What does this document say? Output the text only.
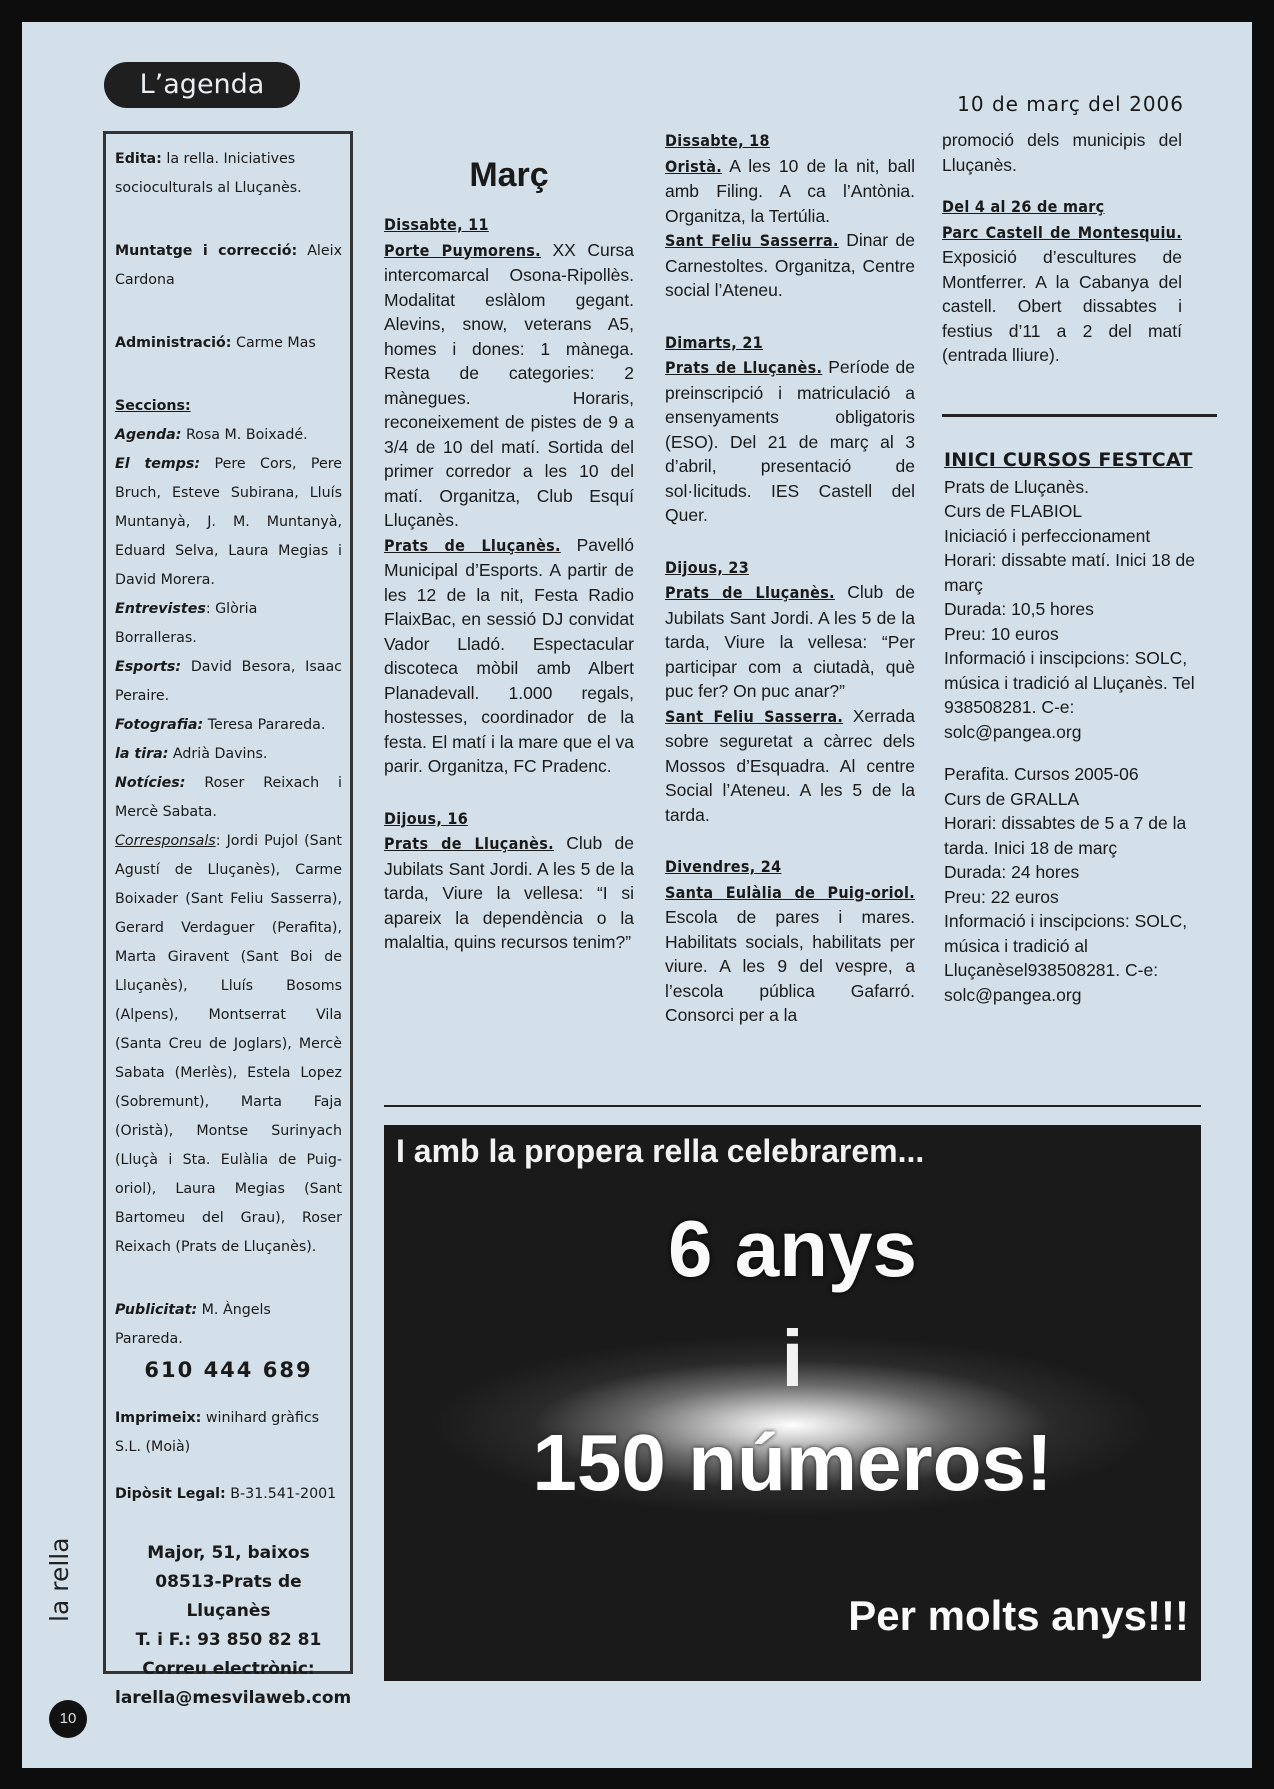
L’agenda
10 de març del 2006

Edita: la rella. Iniciatives socioculturals al Lluçanès.

Muntatge i correcció: Aleix Cardona

Administració: Carme Mas

Seccions:

Agenda: Rosa M. Boixadé.

El temps: Pere Cors, Pere Bruch, Esteve Subirana, Lluís Muntanyà, J. M. Muntanyà, Eduard Selva, Laura Megias i David Morera.

Entrevistes: Glòria Borralleras.

Esports: David Besora, Isaac Peraire.

Fotografia: Teresa Parareda.

la tira: Adrià Davins.

Notícies: Roser Reixach i Mercè Sabata.

Corresponsals: Jordi Pujol (Sant Agustí de Lluçanès), Carme Boixader (Sant Feliu Sasserra), Gerard Verdaguer (Perafita), Marta Giravent (Sant Boi de Lluçanès), Lluís Bosoms (Alpens), Montserrat Vila (Santa Creu de Joglars), Mercè Sabata (Merlès), Estela Lopez (Sobremunt), Marta Faja (Oristà), Montse Surinyach (Lluçà i Sta. Eulàlia de Puig-oriol), Laura Megias (Sant Bartomeu del Grau), Roser Reixach (Prats de Lluçanès).

Publicitat: M. Àngels Parareda.

610 444 689

Imprimeix: winihard gràfics S.L. (Moià)

Dipòsit Legal: B-31.541-2001

Major, 51, baixos
08513-Prats de Lluçanès
T. i F.: 93 850 82 81
Correu electrònic:
larella@mesvilaweb.com
la rella
10
Març

Dissabte, 11

Porte Puymorens. XX Cursa intercomarcal Osona-Ripollès. Modalitat eslàlom gegant. Alevins, snow, veterans A5, homes i dones: 1 mànega. Resta de categories: 2 mànegues. Horaris, reconeixement de pistes de 9 a 3/4 de 10 del matí. Sortida del primer corredor a les 10 del matí. Organitza, Club Esquí Lluçanès.

Prats de Lluçanès. Pavelló Municipal d’Esports. A partir de les 12 de la nit, Festa Radio FlaixBac, en sessió DJ convidat Vador Lladó. Espectacular discoteca mòbil amb Albert Planadevall. 1.000 regals, hostesses, coordinador de la festa. El matí i la mare que el va parir. Organitza, FC Pradenc.

Dijous, 16

Prats de Lluçanès. Club de Jubilats Sant Jordi. A les 5 de la tarda, Viure la vellesa: “I si apareix la dependència o la malaltia, quins recursos tenim?”

Dissabte, 18

Oristà. A les 10 de la nit, ball amb Filing. A ca l’Antònia. Organitza, la Tertúlia.

Sant Feliu Sasserra. Dinar de Carnestoltes. Organitza, Centre social l’Ateneu.

Dimarts, 21

Prats de Lluçanès. Període de preinscripció i matriculació a ensenyaments obligatoris (ESO). Del 21 de març al 3 d’abril, presentació de sol·licituds. IES Castell del Quer.

Dijous, 23

Prats de Lluçanès. Club de Jubilats Sant Jordi. A les 5 de la tarda, Viure la vellesa: “Per participar com a ciutadà, què puc fer? On puc anar?”

Sant Feliu Sasserra. Xerrada sobre seguretat a càrrec dels Mossos d’Esquadra. Al centre Social l’Ateneu. A les 5 de la tarda.

Divendres, 24

Santa Eulàlia de Puig-oriol. Escola de pares i mares. Habilitats socials, habilitats per viure. A les 9 del vespre, a l’escola pública Gafarró. Consorci per a la

promoció dels municipis del Lluçanès.

Del 4 al 26 de març

Parc Castell de Montesquiu. Exposició d’escultures de Montferrer. A la Cabanya del castell. Obert dissabtes i festius d’11 a 2 del matí (entrada lliure).

INICI CURSOS FESTCAT

Prats de Lluçanès.

Curs de FLABIOL

Iniciació i perfeccionament

Horari: dissabte matí. Inici 18 de març

Durada: 10,5 hores

Preu: 10 euros

Informació i inscipcions: SOLC, música i tradició al Lluçanès. Tel 938508281. C-e: solc@pangea.org

Perafita. Cursos 2005-06

Curs de GRALLA

Horari: dissabtes de 5 a 7 de la tarda. Inici 18 de març

Durada: 24 hores

Preu: 22 euros

Informació i inscipcions: SOLC, música i tradició al Lluçanèsel938508281. C-e: solc@pangea.org

I amb la propera rella celebrarem...
6 anys
i
150 números!
Per molts anys!!!
